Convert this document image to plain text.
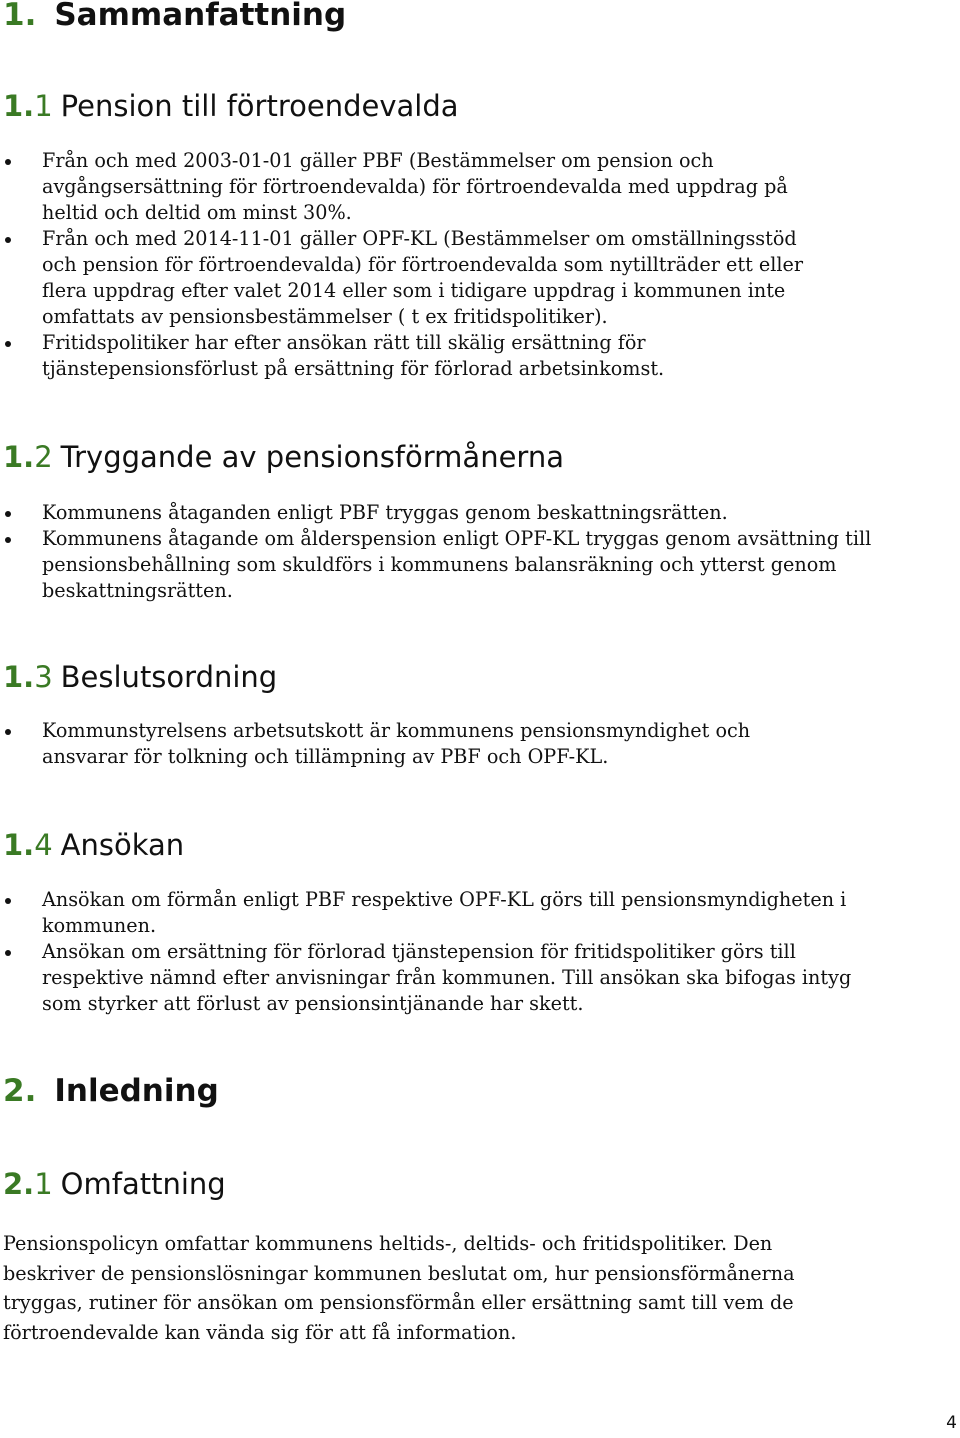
1. Sammanfattning
1.1 Pension till förtroendevalda
Från och med 2003-01-01 gäller PBF (Bestämmelser om pension och avgångsersättning för förtroendevalda) för förtroendevalda med uppdrag på heltid och deltid om minst 30%.
Från och med 2014-11-01 gäller OPF-KL (Bestämmelser om omställningsstöd och pension för förtroendevalda) för förtroendevalda som nytillträder ett eller flera uppdrag efter valet 2014 eller som i tidigare uppdrag i kommunen inte omfattats av pensionsbestämmelser ( t ex fritidspolitiker).
Fritidspolitiker har efter ansökan rätt till skälig ersättning för tjänstepensionsförlust på ersättning för förlorad arbetsinkomst.
1.2 Tryggande av pensionsförmånerna
Kommunens åtaganden enligt PBF tryggas genom beskattningsrätten.
Kommunens åtagande om ålderspension enligt OPF-KL tryggas genom avsättning till pensionsbehållning som skuldförs i kommunens balansräkning och ytterst genom beskattningsrätten.
1.3 Beslutsordning
Kommunstyrelsens arbetsutskott är kommunens pensionsmyndighet och ansvarar för tolkning och tillämpning av PBF och OPF-KL.
1.4 Ansökan
Ansökan om förmån enligt PBF respektive OPF-KL görs till pensionsmyndigheten i kommunen.
Ansökan om ersättning för förlorad tjänstepension för fritidspolitiker görs till respektive nämnd efter anvisningar från kommunen. Till ansökan ska bifogas intyg som styrker att förlust av pensionsintjänande har skett.
2. Inledning
2.1 Omfattning

Pensionspolicyn omfattar kommunens heltids-, deltids- och fritidspolitiker. Den beskriver de pensionslösningar kommunen beslutat om, hur pensionsförmånerna tryggas, rutiner för ansökan om pensionsförmån eller ersättning samt till vem de förtroendevalde kan vända sig för att få information.

4
